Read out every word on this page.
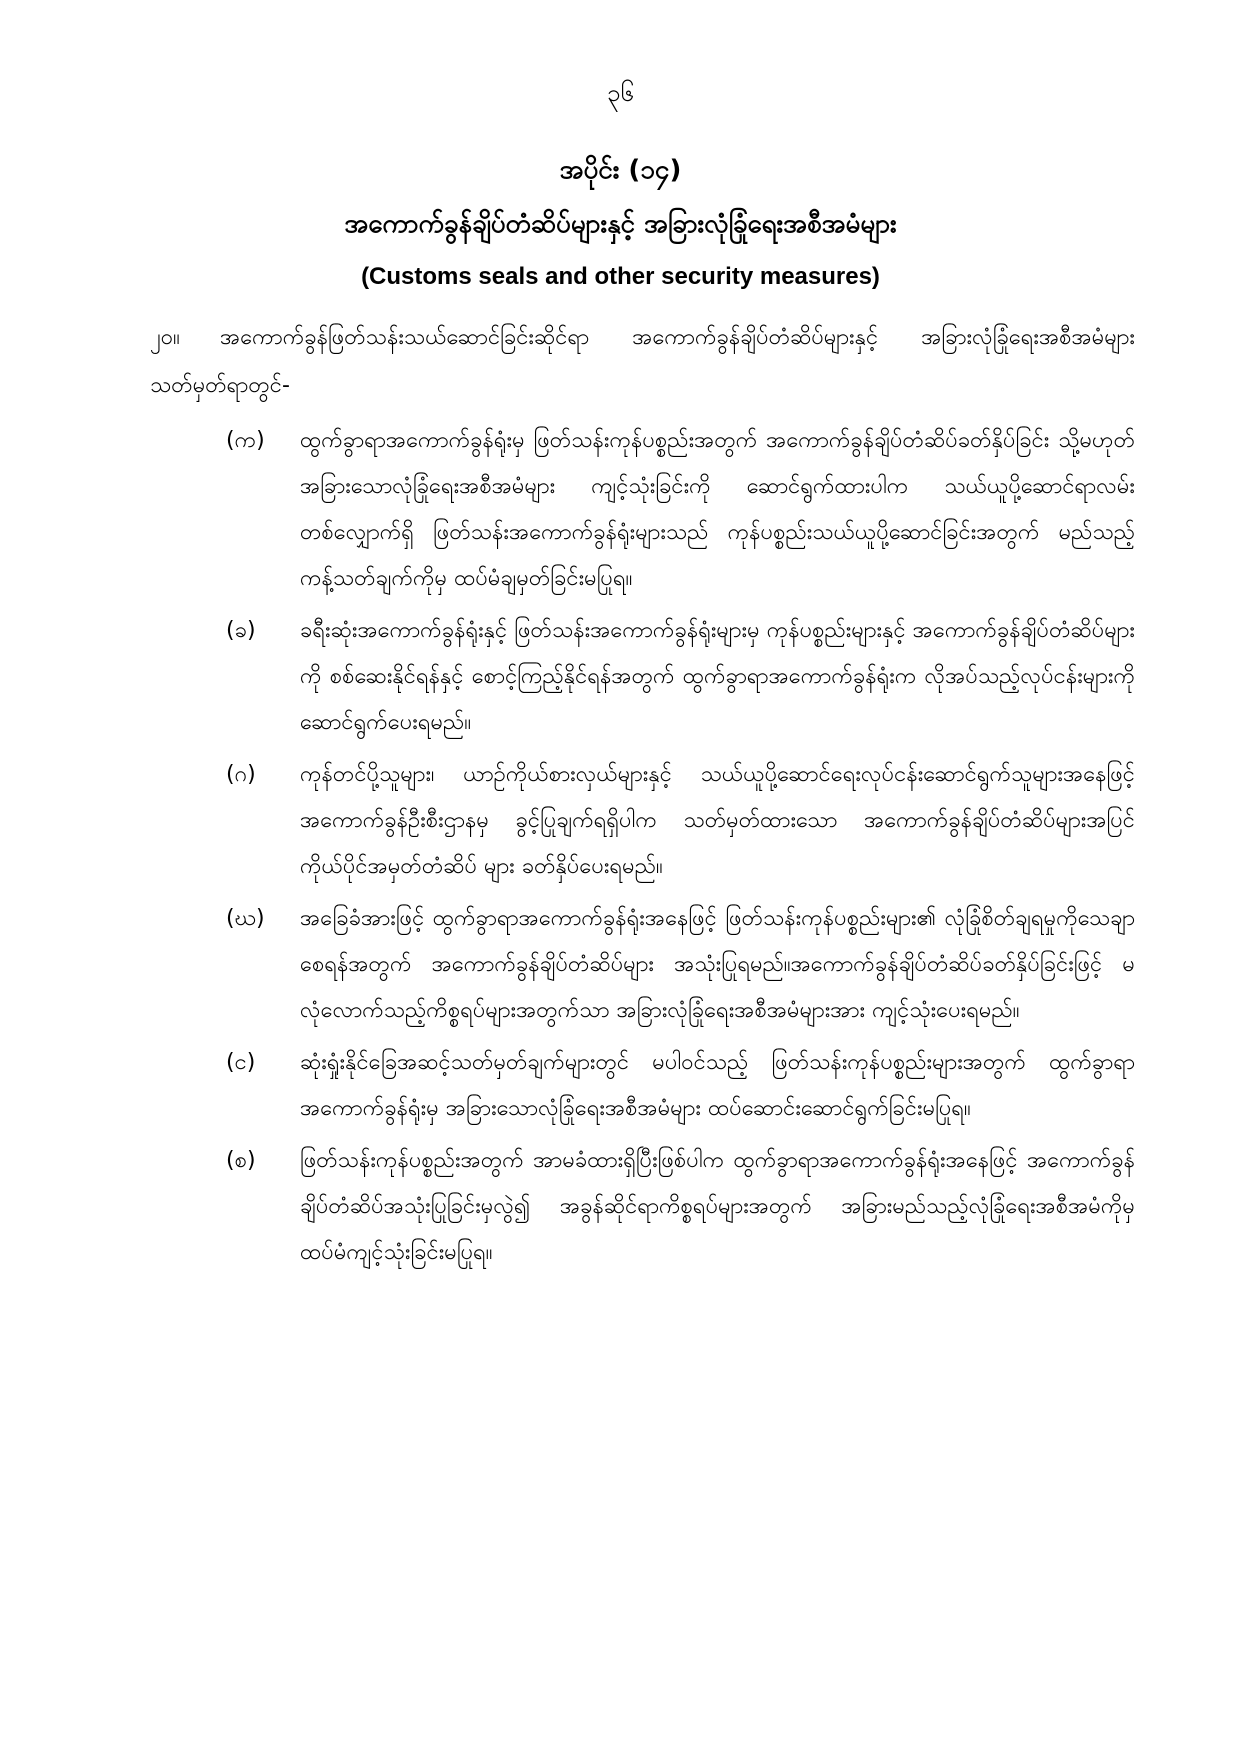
၃၆
အပိုင်း (၁၄)
အကောက်ခွန်ချိပ်တံဆိပ်များနှင့် အခြားလုံခြုံရေးအစီအမံများ
(Customs seals and other security measures)
၂၀။ အကောက်ခွန်ဖြတ်သန်းသယ်ဆောင်ခြင်းဆိုင်ရာ အကောက်ခွန်ချိပ်တံဆိပ်များနှင့် အခြားလုံခြုံရေးအစီအမံများ သတ်မှတ်ရာတွင်-
(က)	ထွက်ခွာရာအကောက်ခွန်ရုံးမှ ဖြတ်သန်းကုန်ပစ္စည်းအတွက် အကောက်ခွန်ချိပ်တံဆိပ်ခတ်နှိပ်ခြင်း သို့မဟုတ် အခြားသောလုံခြုံရေးအစီအမံများ ကျင့်သုံးခြင်းကို ဆောင်ရွက်ထားပါက သယ်ယူပို့ဆောင်ရာလမ်းတစ်လျှောက်ရှိ ဖြတ်သန်းအကောက်ခွန်ရုံးများသည် ကုန်ပစ္စည်းသယ်ယူပို့ဆောင်ခြင်းအတွက် မည်သည့်ကန့်သတ်ချက်ကိုမှ ထပ်မံချမှတ်ခြင်းမပြုရ။
(ခ)	ခရီးဆုံးအကောက်ခွန်ရုံးနှင့် ဖြတ်သန်းအကောက်ခွန်ရုံးများမှ ကုန်ပစ္စည်းများနှင့် အကောက်ခွန်ချိပ်တံဆိပ်များကို စစ်ဆေးနိုင်ရန်နှင့် စောင့်ကြည့်နိုင်ရန်အတွက် ထွက်ခွာရာအကောက်ခွန်ရုံးက လိုအပ်သည့်လုပ်ငန်းများကိုဆောင်ရွက်ပေးရမည်။
(ဂ)	ကုန်တင်ပို့သူများ၊ ယာဉ်ကိုယ်စားလှယ်များနှင့် သယ်ယူပို့ဆောင်ရေးလုပ်ငန်းဆောင်ရွက်သူများအနေဖြင့် အကောက်ခွန်ဦးစီးဌာနမှ ခွင့်ပြုချက်ရရှိပါက သတ်မှတ်ထားသော အကောက်ခွန်ချိပ်တံဆိပ်များအပြင် ကိုယ်ပိုင်အမှတ်တံဆိပ် များ ခတ်နှိပ်ပေးရမည်။
(ဃ)	အခြေခံအားဖြင့် ထွက်ခွာရာအကောက်ခွန်ရုံးအနေဖြင့် ဖြတ်သန်းကုန်ပစ္စည်းများ၏ လုံခြုံစိတ်ချရမှုကိုသေချာစေရန်အတွက် အကောက်ခွန်ချိပ်တံဆိပ်များ အသုံးပြုရမည်။အကောက်ခွန်ချိပ်တံဆိပ်ခတ်နှိပ်ခြင်းဖြင့် မလုံလောက်သည့်ကိစ္စရပ်များအတွက်သာ အခြားလုံခြုံရေးအစီအမံများအား ကျင့်သုံးပေးရမည်။
(င)	ဆုံးရှုံးနိုင်ခြေအဆင့်သတ်မှတ်ချက်များတွင် မပါဝင်သည့် ဖြတ်သန်းကုန်ပစ္စည်းများအတွက် ထွက်ခွာရာအကောက်ခွန်ရုံးမှ အခြားသောလုံခြုံရေးအစီအမံများ ထပ်ဆောင်းဆောင်ရွက်ခြင်းမပြုရ။
(စ)	ဖြတ်သန်းကုန်ပစ္စည်းအတွက် အာမခံထားရှိပြီးဖြစ်ပါက ထွက်ခွာရာအကောက်ခွန်ရုံးအနေဖြင့် အကောက်ခွန်ချိပ်တံဆိပ်အသုံးပြုခြင်းမှလွဲ၍ အခွန်ဆိုင်ရာကိစ္စရပ်များအတွက် အခြားမည်သည့်လုံခြုံရေးအစီအမံကိုမှ ထပ်မံကျင့်သုံးခြင်းမပြုရ။
